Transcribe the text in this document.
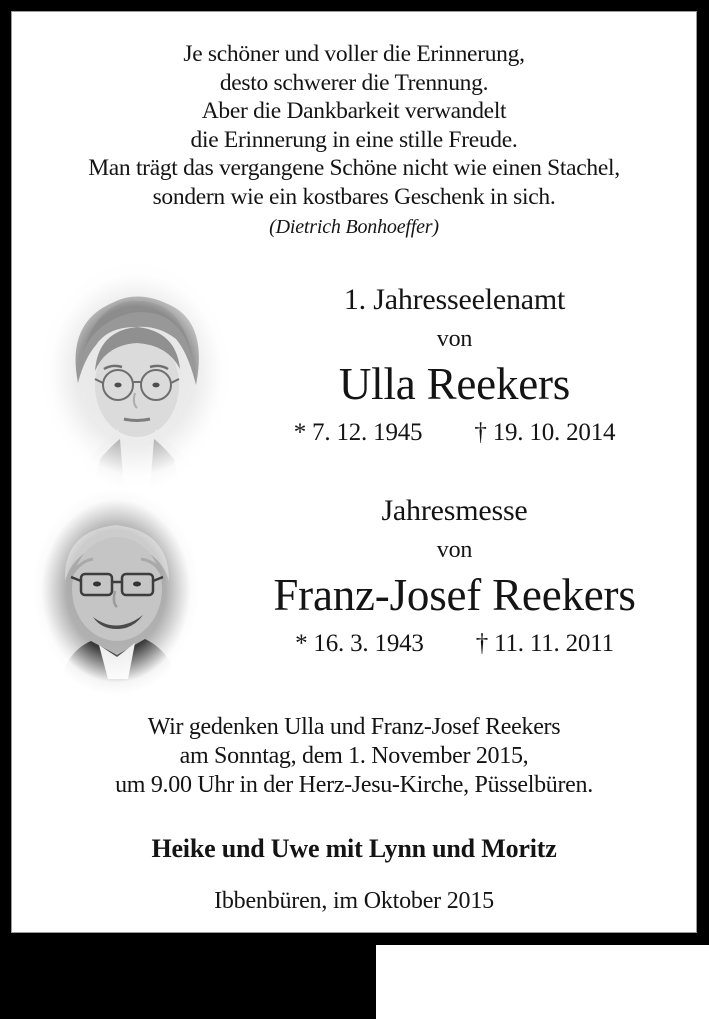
Je schöner und voller die Erinnerung,
desto schwerer die Trennung.
Aber die Dankbarkeit verwandelt
die Erinnerung in eine stille Freude.
Man trägt das vergangene Schöne nicht wie einen Stachel,
sondern wie ein kostbares Geschenk in sich.
(Dietrich Bonhoeffer)
1. Jahresseelenamt
von
Ulla Reekers
* 7. 12. 1945 † 19. 10. 2014
Jahresmesse
von
Franz-Josef Reekers
* 16. 3. 1943 † 11. 11. 2011
Wir gedenken Ulla und Franz-Josef Reekers
am Sonntag, dem 1. November 2015,
um 9.00 Uhr in der Herz-Jesu-Kirche, Püsselbüren.
Heike und Uwe mit Lynn und Moritz
Ibbenbüren, im Oktober 2015
